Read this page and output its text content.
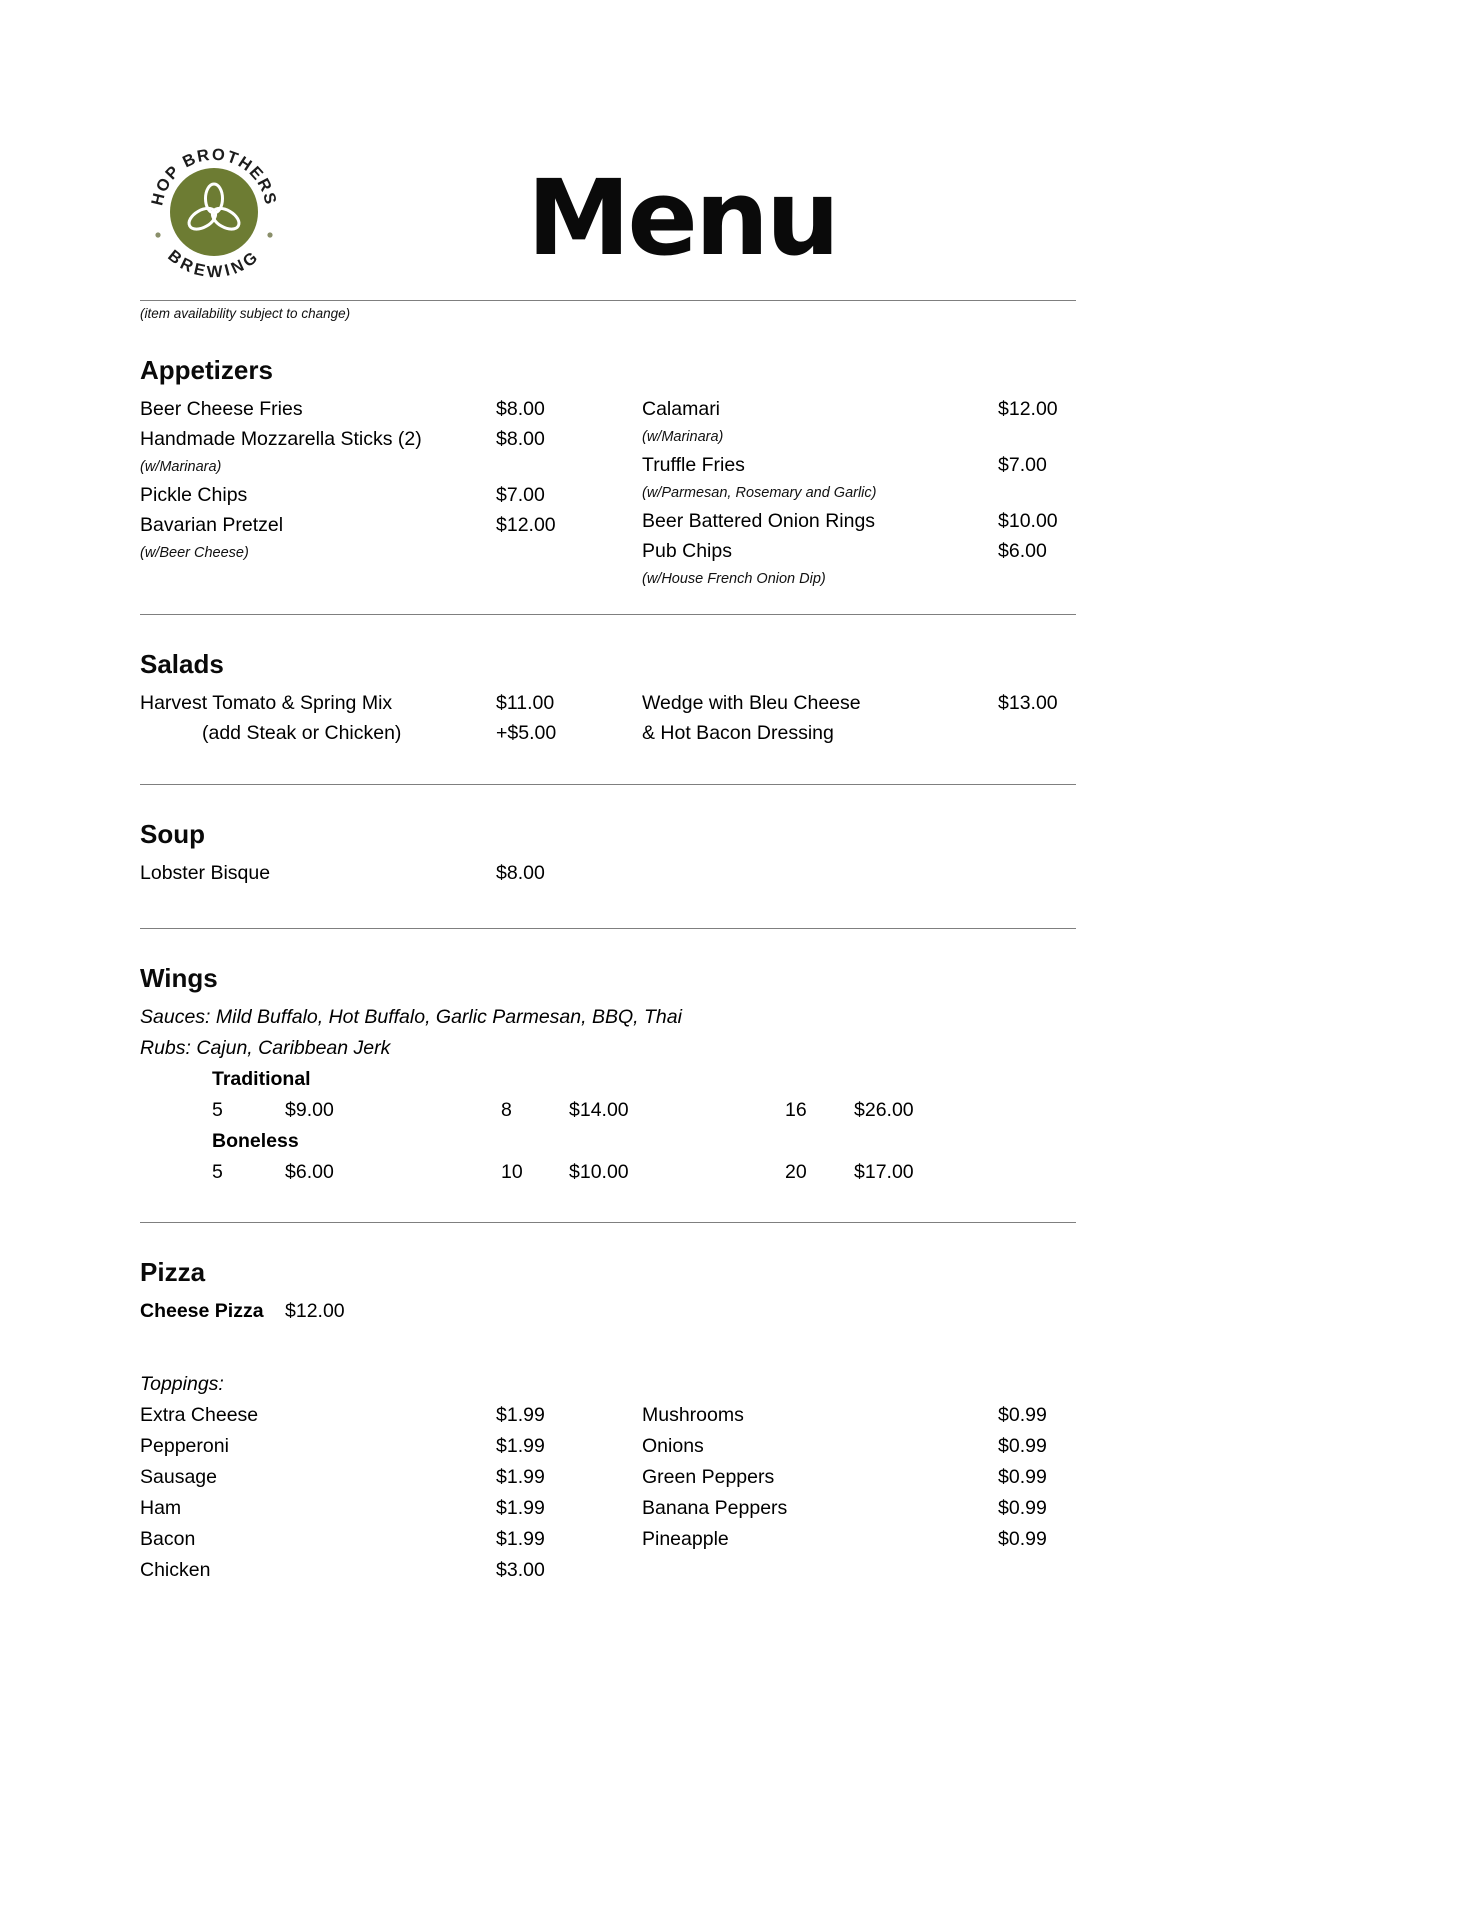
HOP BROTHERS
BREWING	Menu
(item availability subject to change)
Appetizers
Beer Cheese Fries	$8.00
Handmade Mozzarella Sticks (2)	$8.00
(w/Marinara)
Pickle Chips	$7.00
Bavarian Pretzel	$12.00
(w/Beer Cheese)
Calamari	$12.00
(w/Marinara)
Truffle Fries	$7.00
(w/Parmesan, Rosemary and Garlic)
Beer Battered Onion Rings	$10.00
Pub Chips	$6.00
(w/House French Onion Dip)
Salads
Harvest Tomato & Spring Mix	$11.00
(add Steak or Chicken)	+$5.00
Wedge with Bleu Cheese	$13.00
& Hot Bacon Dressing
Soup
Lobster Bisque	$8.00
Wings
Sauces: Mild Buffalo, Hot Buffalo, Garlic Parmesan, BBQ, Thai
Rubs: Cajun, Caribbean Jerk
Traditional
5	$9.00	8	$14.00	16	$26.00
Boneless
5	$6.00	10	$10.00	20	$17.00
Pizza
Cheese Pizza	$12.00
Toppings:
Extra Cheese	$1.99
Pepperoni	$1.99
Sausage	$1.99
Ham	$1.99
Bacon	$1.99
Chicken	$3.00
Mushrooms	$0.99
Onions	$0.99
Green Peppers	$0.99
Banana Peppers	$0.99
Pineapple	$0.99
